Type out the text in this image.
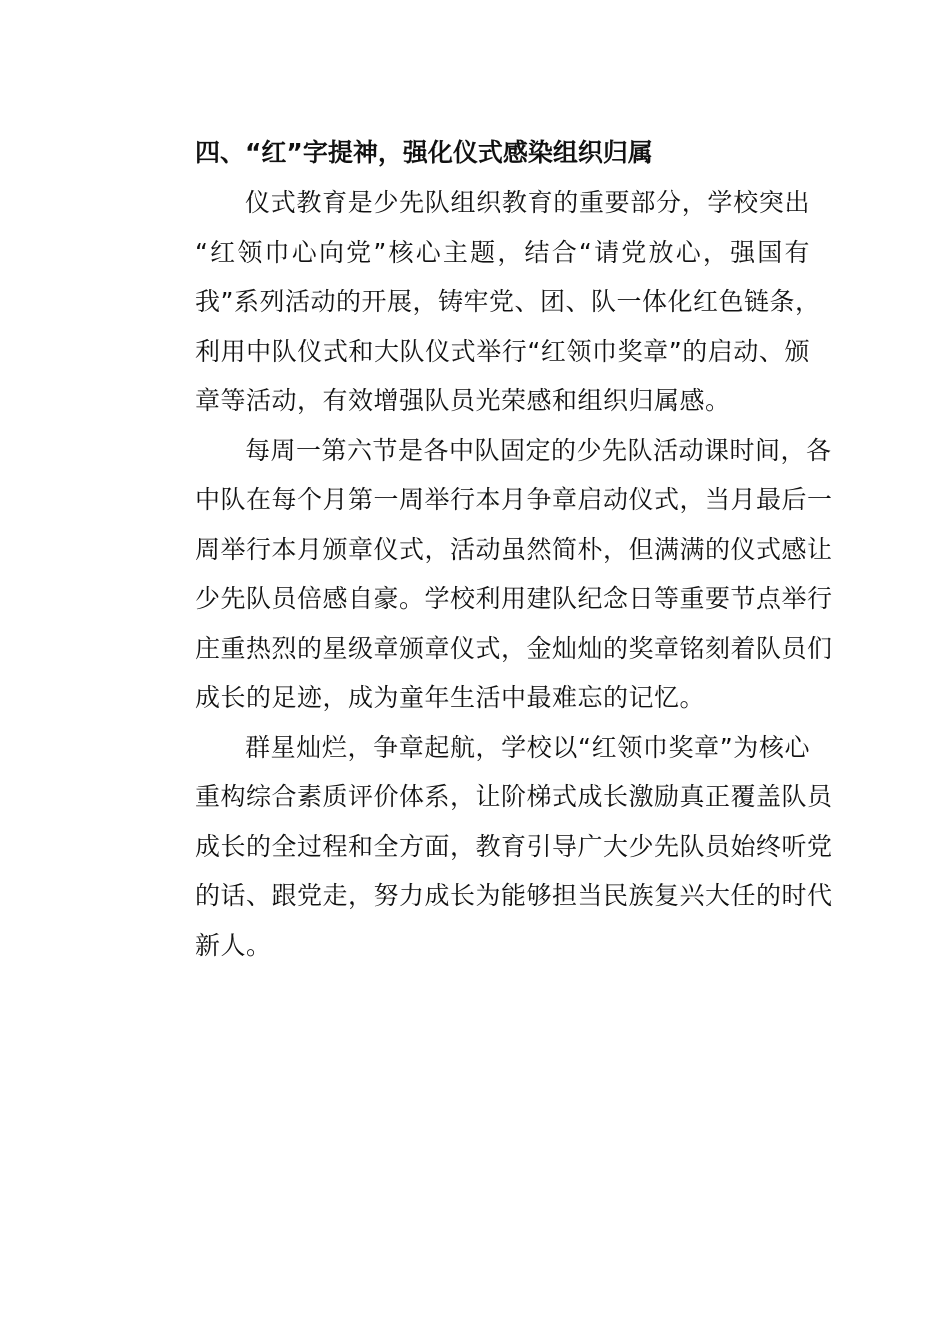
四、“红”字提神，强化仪式感染组织归属
仪式教育是少先队组织教育的重要部分，学校突出
“红领巾心向党”核心主题，结合“请党放心，强国有
我”系列活动的开展，铸牢党、团、队一体化红色链条，
利用中队仪式和大队仪式举行“红领巾奖章”的启动、颁
章等活动，有效增强队员光荣感和组织归属感。
每周一第六节是各中队固定的少先队活动课时间，各
中队在每个月第一周举行本月争章启动仪式，当月最后一
周举行本月颁章仪式，活动虽然简朴，但满满的仪式感让
少先队员倍感自豪。学校利用建队纪念日等重要节点举行
庄重热烈的星级章颁章仪式，金灿灿的奖章铭刻着队员们
成长的足迹，成为童年生活中最难忘的记忆。
群星灿烂，争章起航，学校以“红领巾奖章”为核心
重构综合素质评价体系，让阶梯式成长激励真正覆盖队员
成长的全过程和全方面，教育引导广大少先队员始终听党
的话、跟党走，努力成长为能够担当民族复兴大任的时代
新人。
